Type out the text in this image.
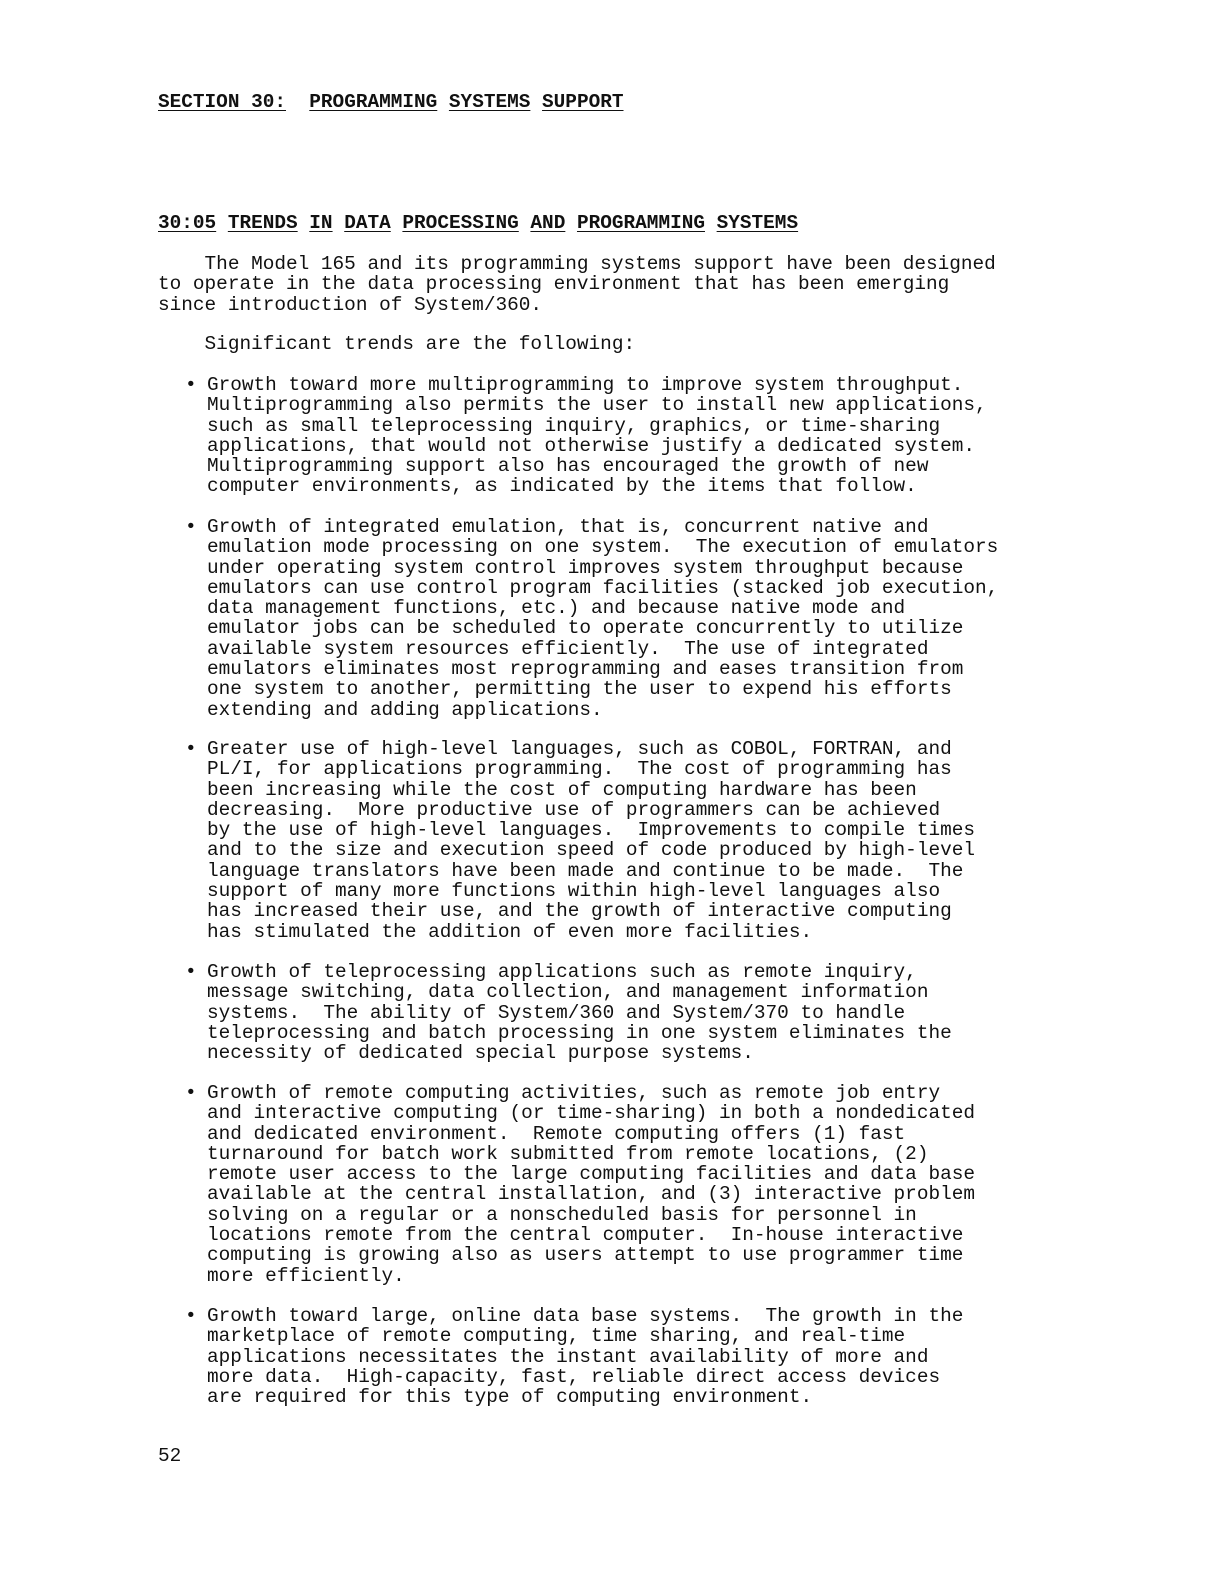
SECTION 30: PROGRAMMING SYSTEMS SUPPORT
30:05 TRENDS IN DATA PROCESSING AND PROGRAMMING SYSTEMS

The Model 165 and its programming systems support have been designed
to operate in the data processing environment that has been emerging
since introduction of System/360.

Significant trends are the following:

• Growth toward more multiprogramming to improve system throughput.
Multiprogramming also permits the user to install new applications,
such as small teleprocessing inquiry, graphics, or time-sharing
applications, that would not otherwise justify a dedicated system.
Multiprogramming support also has encouraged the growth of new
computer environments, as indicated by the items that follow.

• Growth of integrated emulation, that is, concurrent native and
emulation mode processing on one system.  The execution of emulators
under operating system control improves system throughput because
emulators can use control program facilities (stacked job execution,
data management functions, etc.) and because native mode and
emulator jobs can be scheduled to operate concurrently to utilize
available system resources efficiently.  The use of integrated
emulators eliminates most reprogramming and eases transition from
one system to another, permitting the user to expend his efforts
extending and adding applications.

• Greater use of high-level languages, such as COBOL, FORTRAN, and
PL/I, for applications programming.  The cost of programming has
been increasing while the cost of computing hardware has been
decreasing.  More productive use of programmers can be achieved
by the use of high-level languages.  Improvements to compile times
and to the size and execution speed of code produced by high-level
language translators have been made and continue to be made.  The
support of many more functions within high-level languages also
has increased their use, and the growth of interactive computing
has stimulated the addition of even more facilities.

• Growth of teleprocessing applications such as remote inquiry,
message switching, data collection, and management information
systems.  The ability of System/360 and System/370 to handle
teleprocessing and batch processing in one system eliminates the
necessity of dedicated special purpose systems.

• Growth of remote computing activities, such as remote job entry
and interactive computing (or time-sharing) in both a nondedicated
and dedicated environment.  Remote computing offers (1) fast
turnaround for batch work submitted from remote locations, (2)
remote user access to the large computing facilities and data base
available at the central installation, and (3) interactive problem
solving on a regular or a nonscheduled basis for personnel in
locations remote from the central computer.  In-house interactive
computing is growing also as users attempt to use programmer time
more efficiently.

• Growth toward large, online data base systems.  The growth in the
marketplace of remote computing, time sharing, and real-time
applications necessitates the instant availability of more and
more data.  High-capacity, fast, reliable direct access devices
are required for this type of computing environment.

52
